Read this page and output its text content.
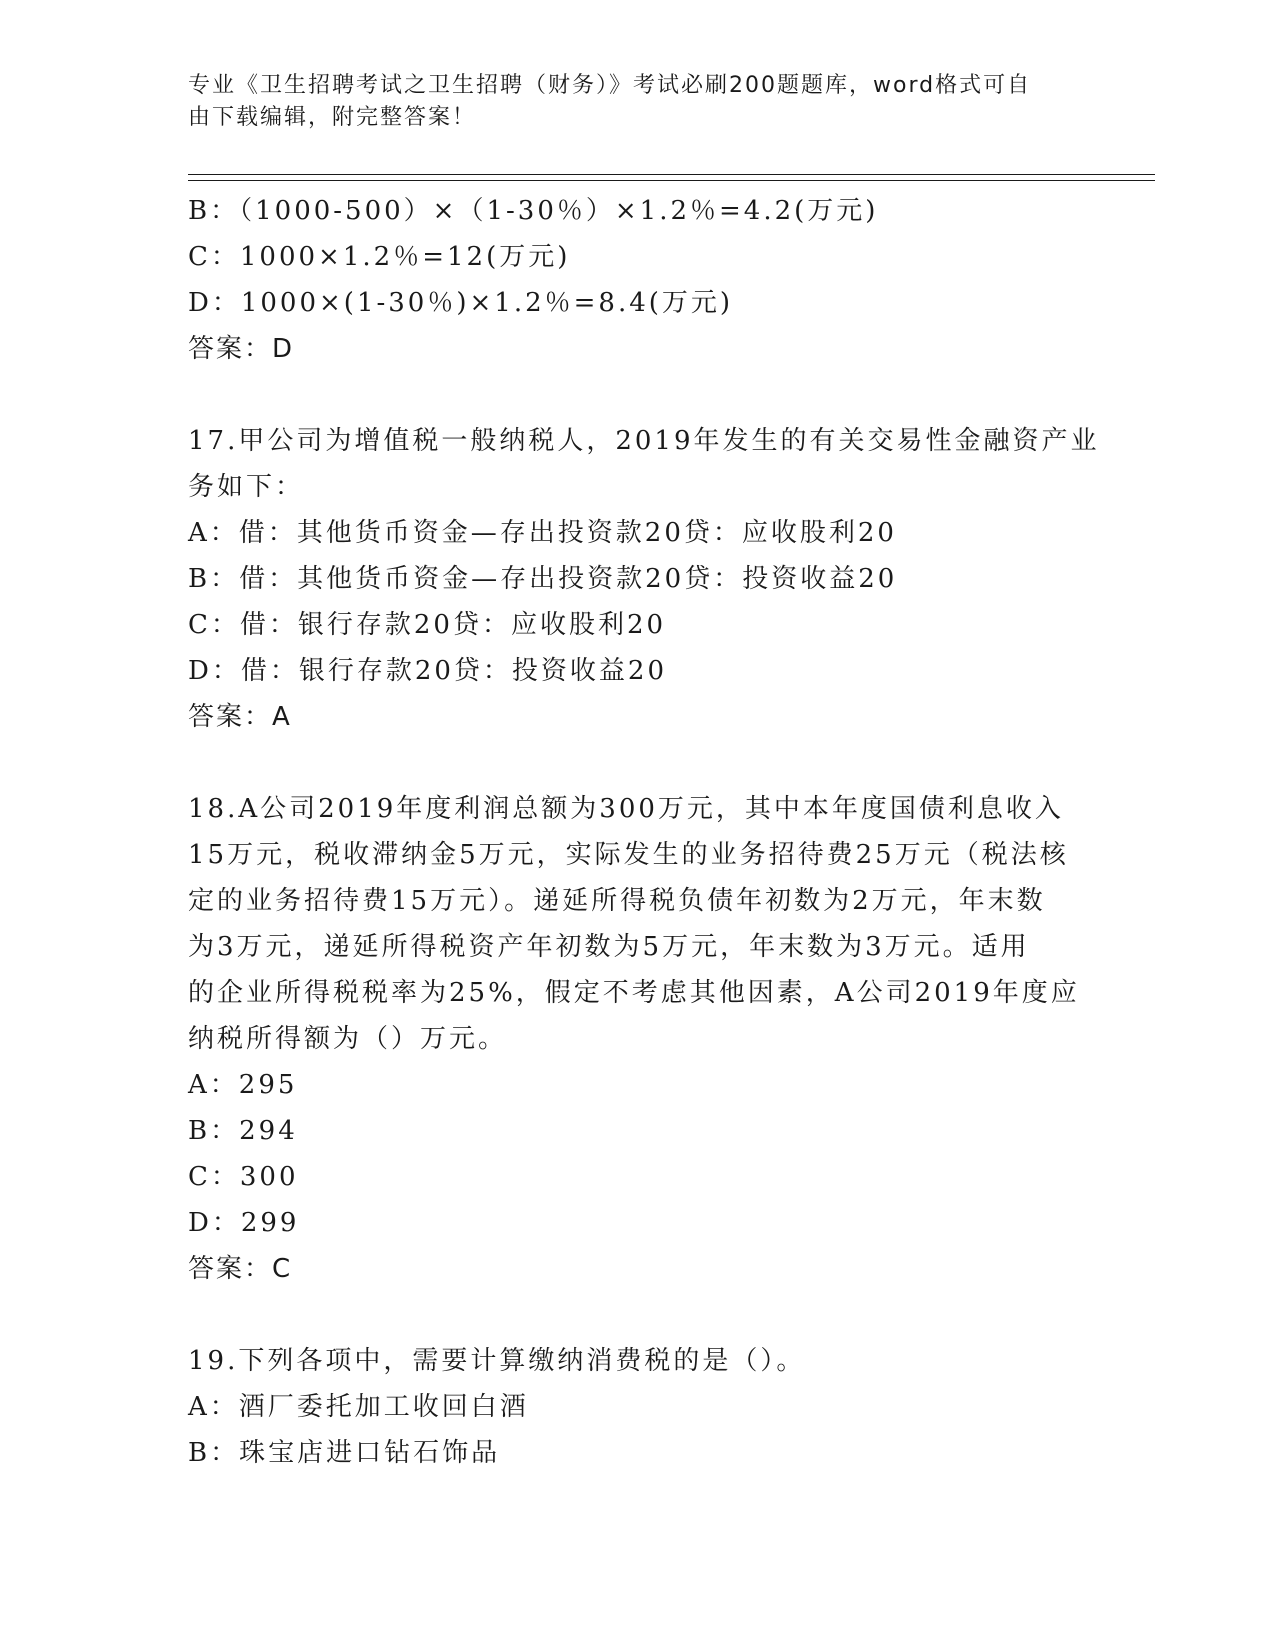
专业《卫生招聘考试之卫生招聘（财务）》考试必刷200题题库，word格式可自
由下载编辑，附完整答案！
B：（1000-500）×（1-30％）×1.2％=4.2(万元)
C：1000×1.2％=12(万元)
D：1000×(1-30％)×1.2％=8.4(万元)
答案：D
17.甲公司为增值税一般纳税人，2019年发生的有关交易性金融资产业
务如下：
A：借：其他货币资金—存出投资款20贷：应收股利20
B：借：其他货币资金—存出投资款20贷：投资收益20
C：借：银行存款20贷：应收股利20
D：借：银行存款20贷：投资收益20
答案：A
18.A公司2019年度利润总额为300万元，其中本年度国债利息收入
15万元，税收滞纳金5万元，实际发生的业务招待费25万元（税法核
定的业务招待费15万元）。递延所得税负债年初数为2万元，年末数
为3万元，递延所得税资产年初数为5万元，年末数为3万元。适用
的企业所得税税率为25%，假定不考虑其他因素，A公司2019年度应
纳税所得额为（）万元。
A：295
B：294
C：300
D：299
答案：C
19.下列各项中，需要计算缴纳消费税的是（）。
A：酒厂委托加工收回白酒
B：珠宝店进口钻石饰品
